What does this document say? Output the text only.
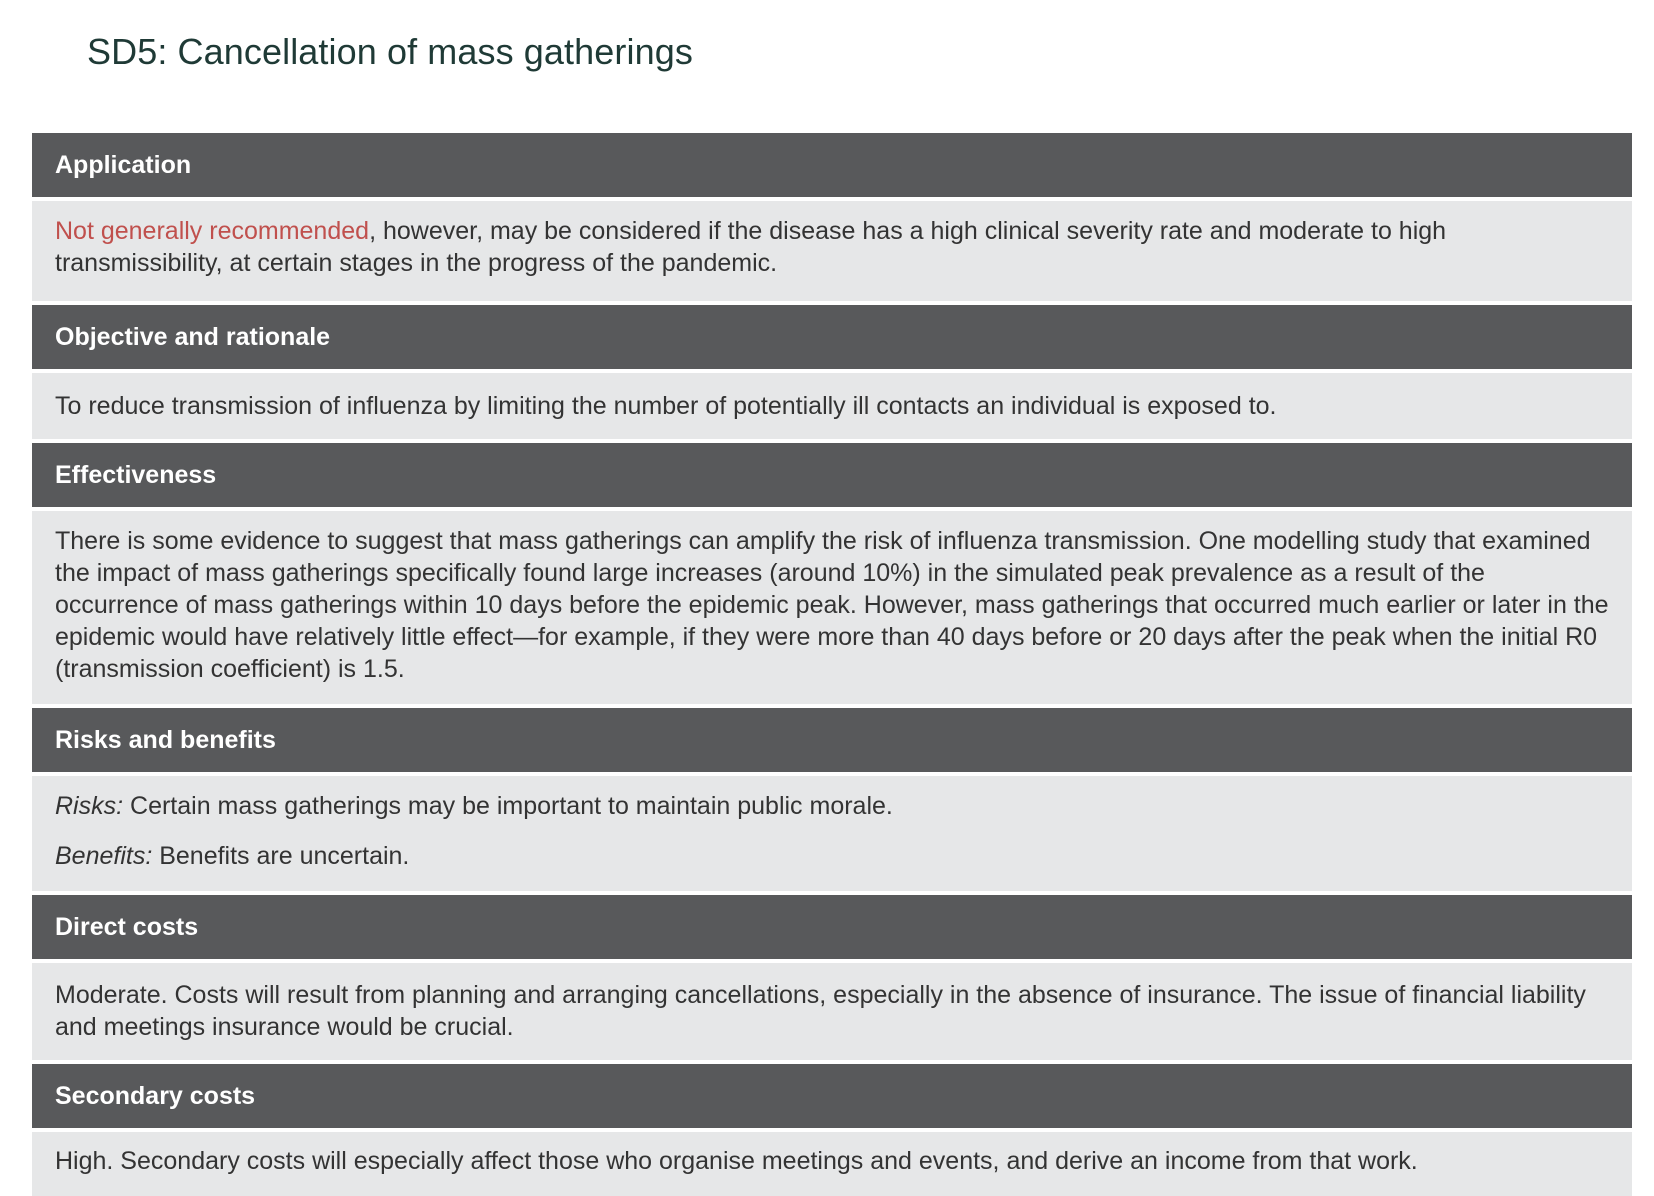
SD5: Cancellation of mass gatherings
Application

Not generally recommended, however, may be considered if the disease has a high clinical severity rate and moderate to high transmissibility, at certain stages in the progress of the pandemic.

Objective and rationale

To reduce transmission of influenza by limiting the number of potentially ill contacts an individual is exposed to.

Effectiveness

There is some evidence to suggest that mass gatherings can amplify the risk of influenza transmission. One modelling study that examined the impact of mass gatherings specifically found large increases (around 10%) in the simulated peak prevalence as a result of the occurrence of mass gatherings within 10 days before the epidemic peak. However, mass gatherings that occurred much earlier or later in the epidemic would have relatively little effect—for example, if they were more than 40 days before or 20 days after the peak when the initial R0 (transmission coefficient) is 1.5.

Risks and benefits

Risks: Certain mass gatherings may be important to maintain public morale.

Benefits: Benefits are uncertain.

Direct costs

Moderate. Costs will result from planning and arranging cancellations, especially in the absence of insurance. The issue of financial liability and meetings insurance would be crucial.

Secondary costs

High. Secondary costs will especially affect those who organise meetings and events, and derive an income from that work.
